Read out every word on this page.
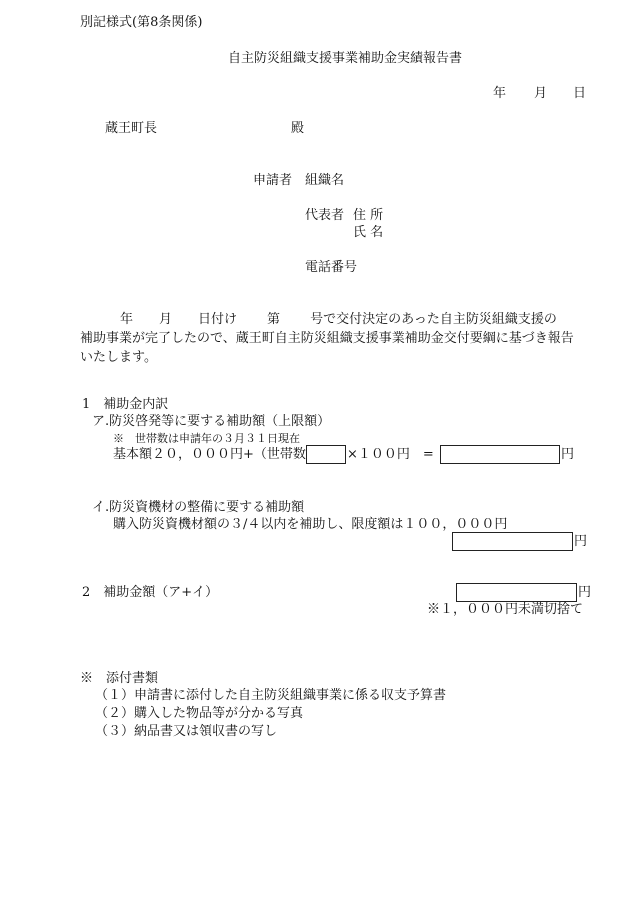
別記様式(第8条関係)
自主防災組織支援事業補助金実績報告書
年 月 日
蔵王町長	殿
申請者 組織名
代表者 住 所
氏 名
電話番号
年 月 日付け 第 号で交付決定のあった自主防災組織支援の
補助事業が完了したので、蔵王町自主防災組織支援事業補助金交付要綱に基づき報告
いたします。
1　補助金内訳
ア.防災啓発等に要する補助額（上限額）
※　世帯数は申請年の３月３１日現在
基本額２０，０００円+（世帯数	×１００円　=	円
イ.防災資機材の整備に要する補助額
購入防災資機材額の３/４以内を補助し、限度額は１００，０００円
円
2　補助金額（ア+イ）	円
※１，０００円未満切捨て
※　添付書類
（１）申請書に添付した自主防災組織事業に係る収支予算書
（２）購入した物品等が分かる写真
（３）納品書又は領収書の写し
